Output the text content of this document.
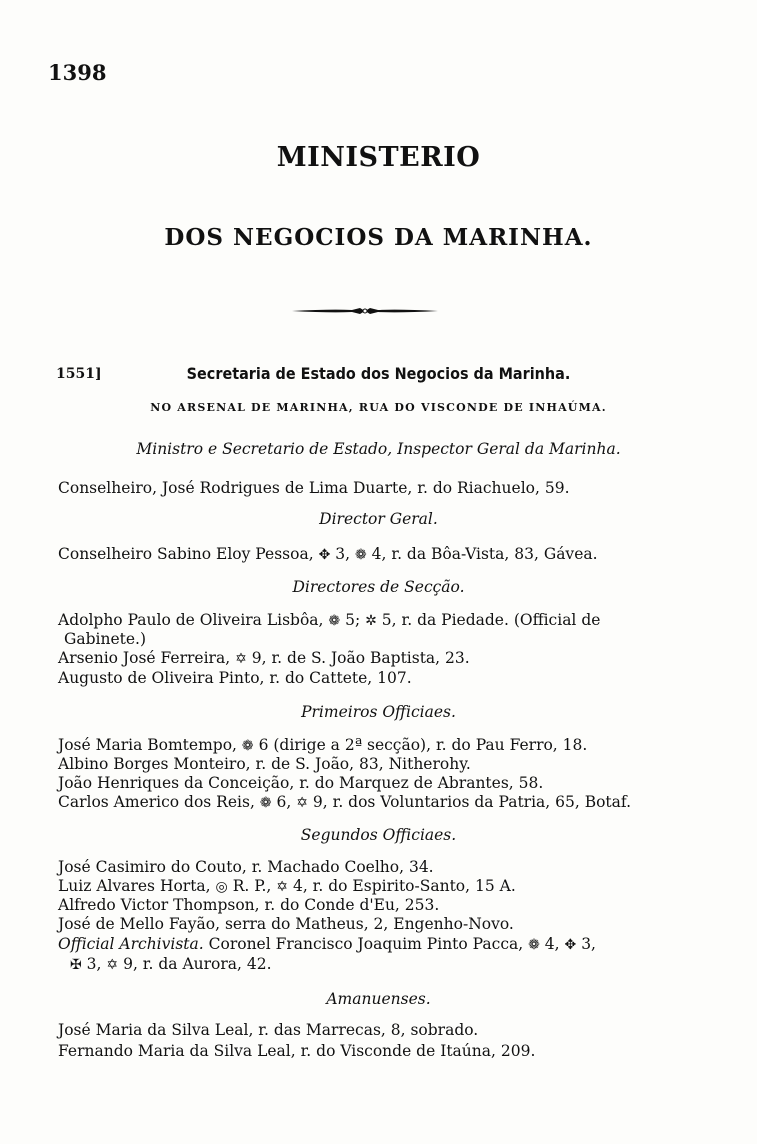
1398
MINISTERIO
DOS NEGOCIOS DA MARINHA.
1551]	Secretaria de Estado dos Negocios da Marinha.
NO ARSENAL DE MARINHA, RUA DO VISCONDE DE INHAÚMA.
Ministro e Secretario de Estado, Inspector Geral da Marinha.
Conselheiro, José Rodrigues de Lima Duarte, r. do Riachuelo, 59.
Director Geral.
Conselheiro Sabino Eloy Pessoa, ✥ 3, ❁ 4, r. da Bôa-Vista, 83, Gávea.
Directores de Secção.
Adolpho Paulo de Oliveira Lisbôa, ❁ 5; ✲ 5, r. da Piedade. (Official de
Gabinete.)
Arsenio José Ferreira, ✡ 9, r. de S. João Baptista, 23.
Augusto de Oliveira Pinto, r. do Cattete, 107.
Primeiros Officiaes.
José Maria Bomtempo, ❁ 6 (dirige a 2ª secção), r. do Pau Ferro, 18.
Albino Borges Monteiro, r. de S. João, 83, Nitherohy.
João Henriques da Conceição, r. do Marquez de Abrantes, 58.
Carlos Americo dos Reis, ❁ 6, ✡ 9, r. dos Voluntarios da Patria, 65, Botaf.
Segundos Officiaes.
José Casimiro do Couto, r. Machado Coelho, 34.
Luiz Alvares Horta, ◎ R. P., ✡ 4, r. do Espirito-Santo, 15 A.
Alfredo Victor Thompson, r. do Conde d'Eu, 253.
José de Mello Fayão, serra do Matheus, 2, Engenho-Novo.
Official Archivista. Coronel Francisco Joaquim Pinto Pacca, ❁ 4, ✥ 3,
✠ 3, ✡ 9, r. da Aurora, 42.
Amanuenses.
José Maria da Silva Leal, r. das Marrecas, 8, sobrado.
Fernando Maria da Silva Leal, r. do Visconde de Itaúna, 209.
